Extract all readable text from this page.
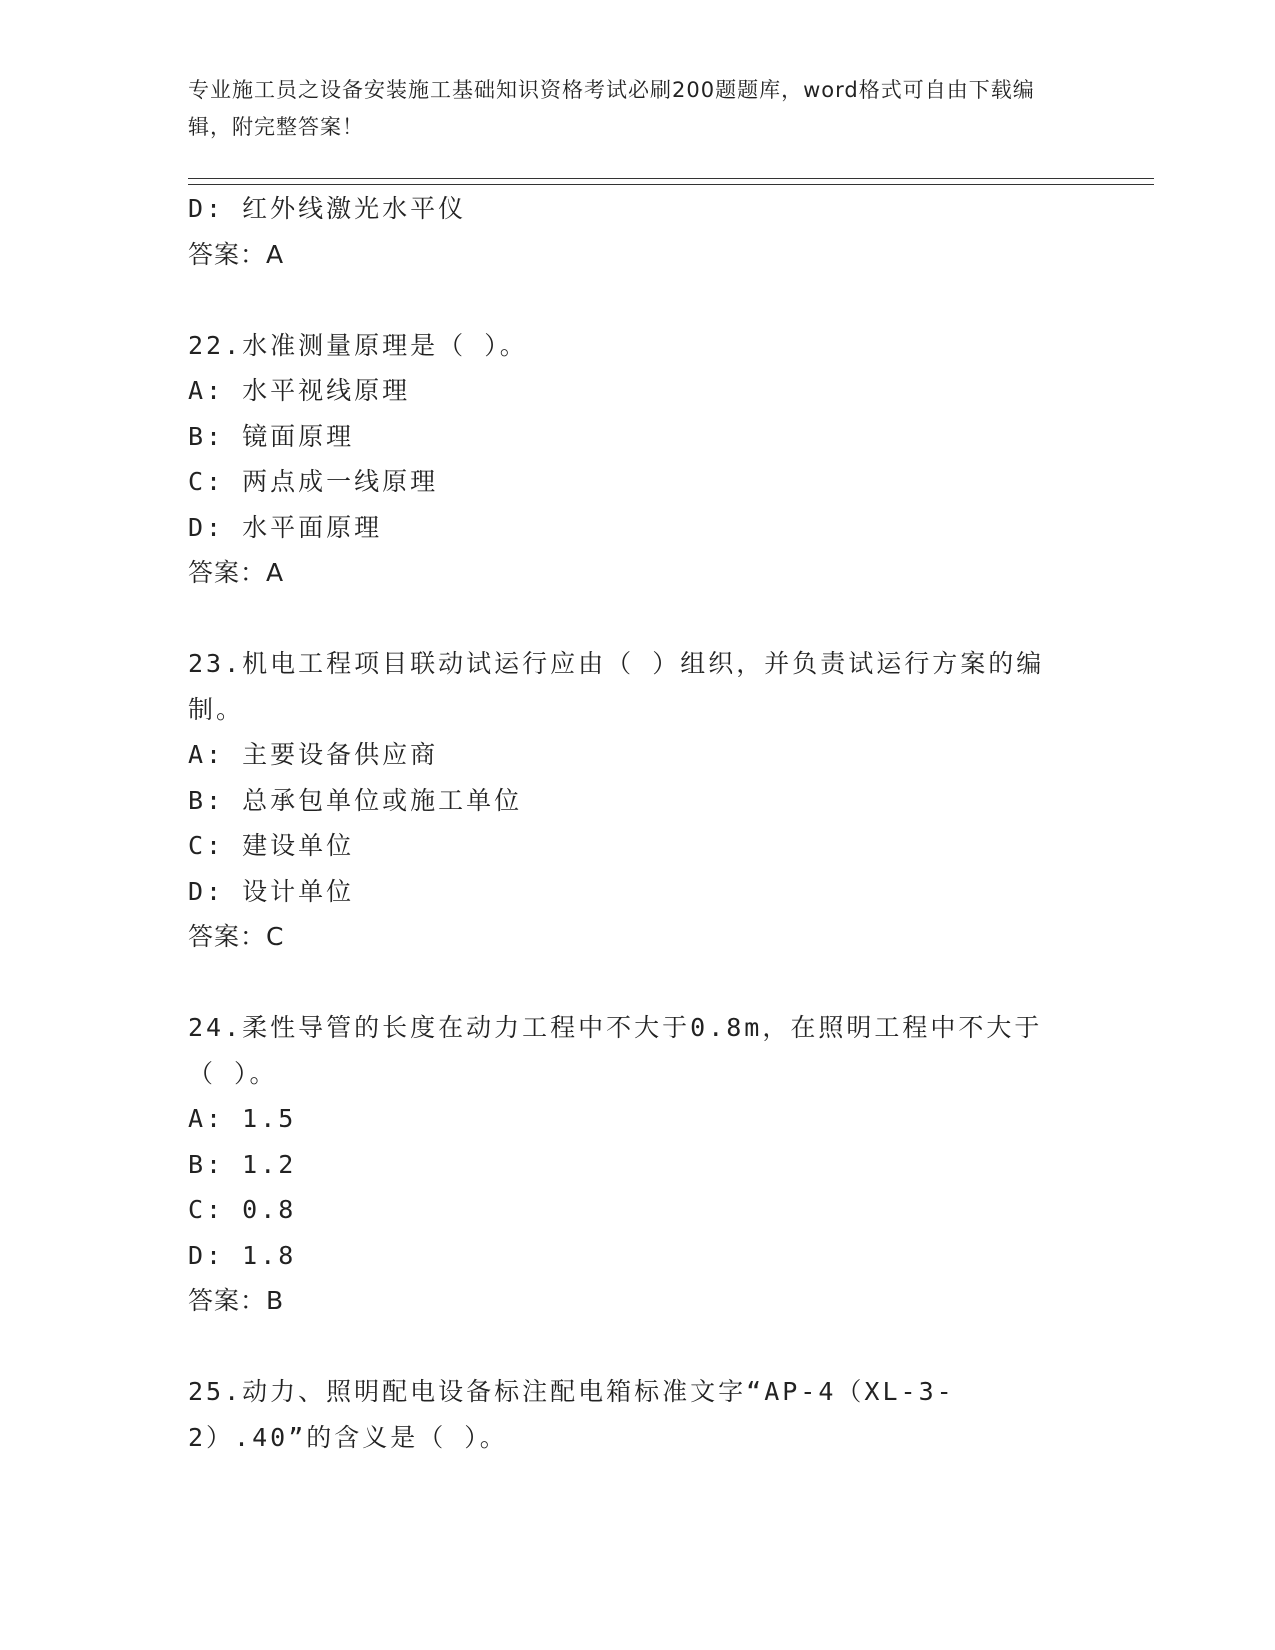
专业施工员之设备安装施工基础知识资格考试必刷200题题库，word格式可自由下载编辑，附完整答案！
D: 红外线激光水平仪
答案：A
22.水准测量原理是（ ）。
A: 水平视线原理
B: 镜面原理
C: 两点成一线原理
D: 水平面原理
答案：A
23.机电工程项目联动试运行应由（ ）组织，并负责试运行方案的编制。
A: 主要设备供应商
B: 总承包单位或施工单位
C: 建设单位
D: 设计单位
答案：C
24.柔性导管的长度在动力工程中不大于0.8m，在照明工程中不大于（ ）。
A: 1.5
B: 1.2
C: 0.8
D: 1.8
答案：B
25.动力、照明配电设备标注配电箱标准文字“AP-4（XL-3-2）.40”的含义是（ ）。
